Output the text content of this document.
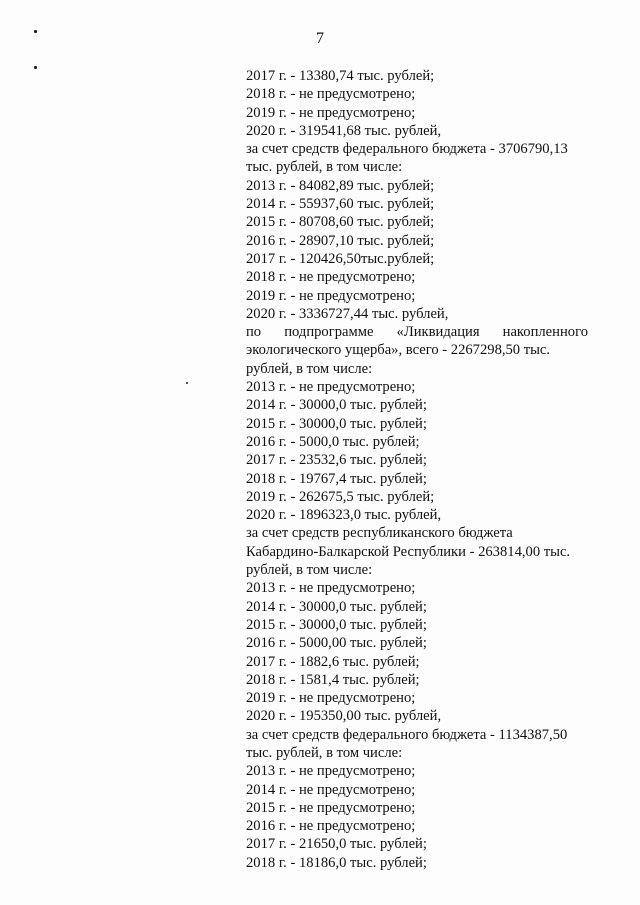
7
2017 г. - 13380,74 тыс. рублей;
2018 г. - не предусмотрено;
2019 г. - не предусмотрено;
2020 г. - 319541,68 тыс. рублей,
за счет средств федерального бюджета - 3706790,13
тыс. рублей, в том числе:
2013 г. - 84082,89 тыс. рублей;
2014 г. - 55937,60 тыс. рублей;
2015 г. - 80708,60 тыс. рублей;
2016 г. - 28907,10 тыс. рублей;
2017 г. - 120426,50тыс.рублей;
2018 г. - не предусмотрено;
2019 г. - не предусмотрено;
2020 г. - 3336727,44 тыс. рублей,
по подпрограмме «Ликвидация накопленного
экологического ущерба», всего - 2267298,50 тыс.
рублей, в том числе:
2013 г. - не предусмотрено;
2014 г. - 30000,0 тыс. рублей;
2015 г. - 30000,0 тыс. рублей;
2016 г. - 5000,0 тыс. рублей;
2017 г. - 23532,6 тыс. рублей;
2018 г. - 19767,4 тыс. рублей;
2019 г. - 262675,5 тыс. рублей;
2020 г. - 1896323,0 тыс. рублей,
за счет средств республиканского бюджета
Кабардино-Балкарской Республики - 263814,00 тыс.
рублей, в том числе:
2013 г. - не предусмотрено;
2014 г. - 30000,0 тыс. рублей;
2015 г. - 30000,0 тыс. рублей;
2016 г. - 5000,00 тыс. рублей;
2017 г. - 1882,6 тыс. рублей;
2018 г. - 1581,4 тыс. рублей;
2019 г. - не предусмотрено;
2020 г. - 195350,00 тыс. рублей,
за счет средств федерального бюджета - 1134387,50
тыс. рублей, в том числе:
2013 г. - не предусмотрено;
2014 г. - не предусмотрено;
2015 г. - не предусмотрено;
2016 г. - не предусмотрено;
2017 г. - 21650,0 тыс. рублей;
2018 г. - 18186,0 тыс. рублей;
